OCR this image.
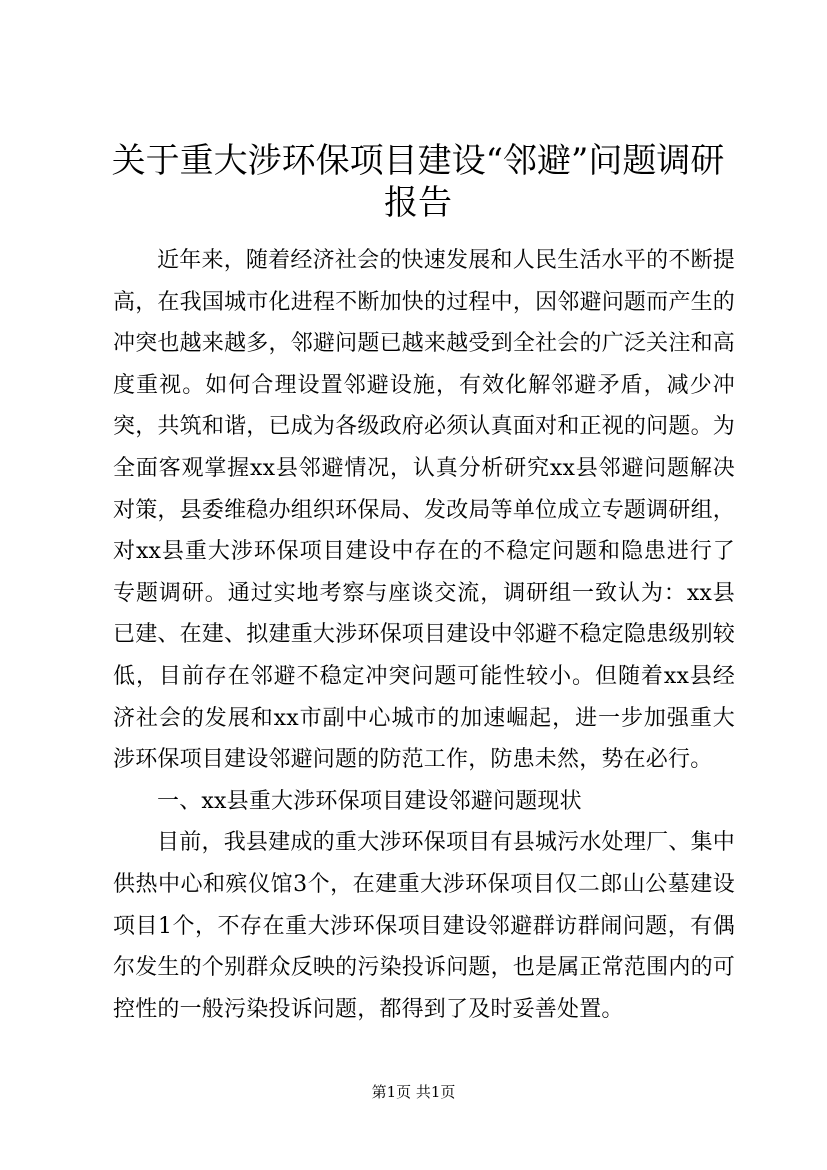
关于重大涉环保项目建设“邻避”问题调研报告

近年来，随着经济社会的快速发展和人民生活水平的不断提高，在我国城市化进程不断加快的过程中，因邻避问题而产生的冲突也越来越多，邻避问题已越来越受到全社会的广泛关注和高度重视。如何合理设置邻避设施，有效化解邻避矛盾，减少冲突，共筑和谐，已成为各级政府必须认真面对和正视的问题。为全面客观掌握xx县邻避情况，认真分析研究xx县邻避问题解决对策，县委维稳办组织环保局、发改局等单位成立专题调研组，对xx县重大涉环保项目建设中存在的不稳定问题和隐患进行了专题调研。通过实地考察与座谈交流，调研组一致认为：xx县已建、在建、拟建重大涉环保项目建设中邻避不稳定隐患级别较低，目前存在邻避不稳定冲突问题可能性较小。但随着xx县经济社会的发展和xx市副中心城市的加速崛起，进一步加强重大涉环保项目建设邻避问题的防范工作，防患未然，势在必行。

一、xx县重大涉环保项目建设邻避问题现状

目前，我县建成的重大涉环保项目有县城污水处理厂、集中供热中心和殡仪馆3个，在建重大涉环保项目仅二郎山公墓建设项目1个，不存在重大涉环保项目建设邻避群访群闹问题，有偶尔发生的个别群众反映的污染投诉问题，也是属正常范围内的可控性的一般污染投诉问题，都得到了及时妥善处置。

第1页 共1页
